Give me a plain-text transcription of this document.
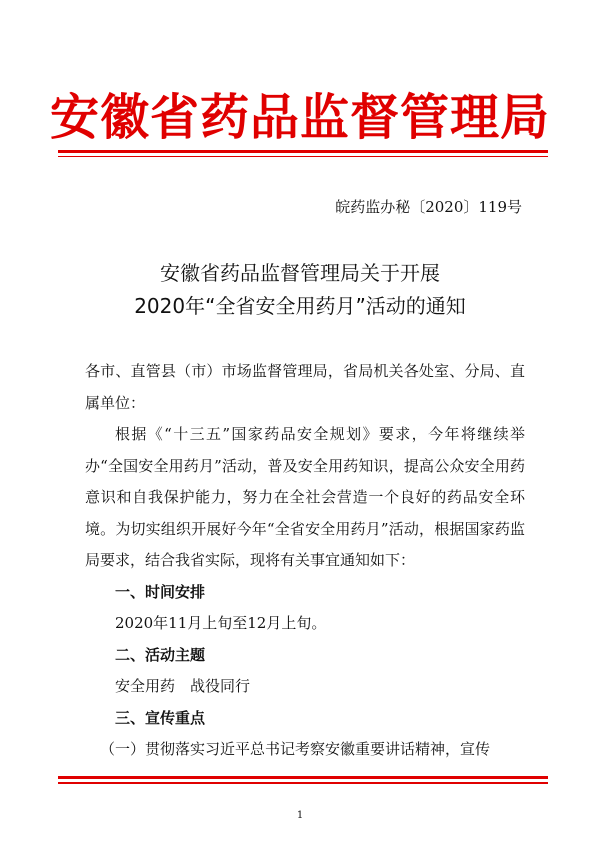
安徽省药品监督管理局
皖药监办秘〔2020〕119号
安徽省药品监督管理局关于开展
2020年“全省安全用药月”活动的通知

各市、直管县（市）市场监督管理局，省局机关各处室、分局、直属单位：

根据《“十三五”国家药品安全规划》要求，今年将继续举办“全国安全用药月”活动，普及安全用药知识，提高公众安全用药意识和自我保护能力，努力在全社会营造一个良好的药品安全环境。为切实组织开展好今年“全省安全用药月”活动，根据国家药监局要求，结合我省实际，现将有关事宜通知如下：

一、时间安排

2020年11月上旬至12月上旬。

二、活动主题

安全用药　战役同行

三、宣传重点

（一）贯彻落实习近平总书记考察安徽重要讲话精神，宣传

1
